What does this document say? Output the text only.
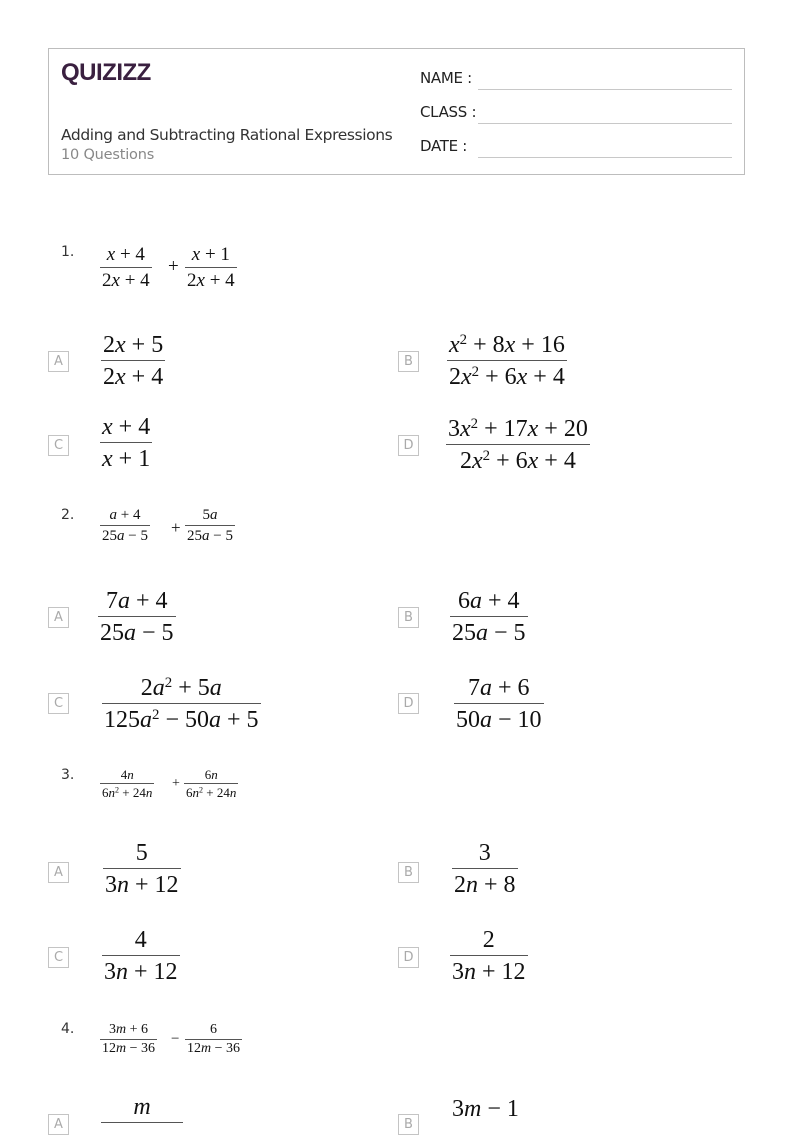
QUIZIZZ
Adding and Subtracting Rational Expressions
10 Questions
NAME :
CLASS :
DATE :
1. x + 4
2x + 4
+
x + 1
2x + 4
A
2x + 5
2x + 4
B
$x^2 + 8x + 16$
$2x^2 + 6x + 4$
C
x + 4
x + 1
D
$3x^2 + 17x + 20$
$2x^2 + 6x + 4$
2. a + 4
25a − 5 +
5a
25a − 5
A
7a + 4
25a − 5
B
6a + 4
25a − 5
C
$2a^2 + 5a$
$125a^2 - 50a + 5$
D
7a + 6
50a − 10
3.	4n
$6n^2 + 24n$
+
6n
$6n^2 + 24n$
A
5
3n + 12	B
3
2n + 8
C
4
3n + 12
D
2
3n + 12
4. 3m + 6
12m − 36
−
6
12m − 36
A
m
B
3m − 1
